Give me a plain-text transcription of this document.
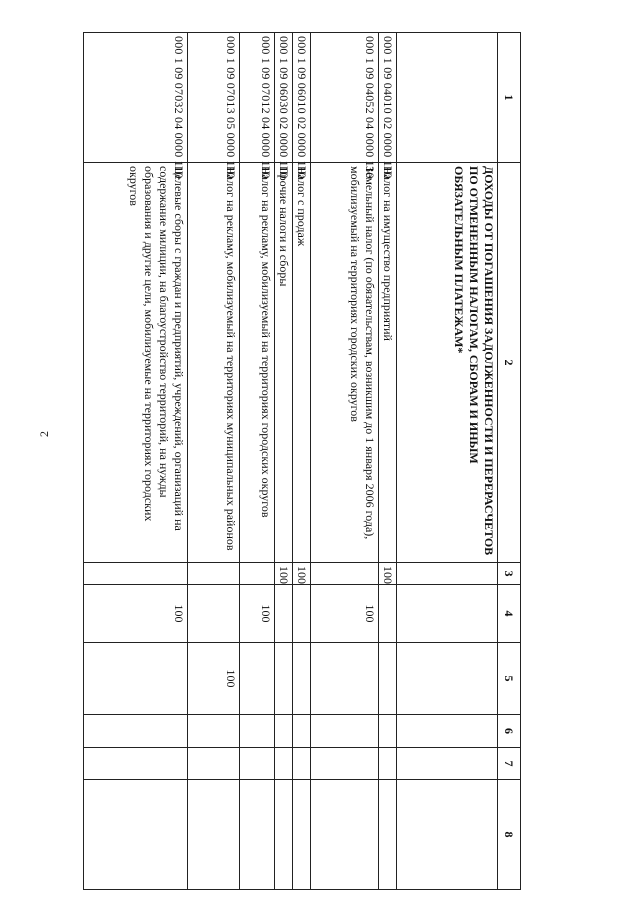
2
1	2	3	4	5	6	7	8
	ДОХОДЫ ОТ ПОГАШЕНИЯ ЗАДОЛЖЕННОСТИ И ПЕРЕРАСЧЕТОВ ПО ОТМЕНЕННЫМ НАЛОГАМ, СБОРАМ И ИНЫМ ОБЯЗАТЕЛЬНЫМ ПЛАТЕЖАМ*						
000 1 09 04010 02 0000 110	Налог на имущество предприятий	100					
000 1 09 04052 04 0000 110	Земельный налог (по обязательствам, возникшим до 1 января 2006 года), мобилизуемый на территориях городских округов		100				
000 1 09 06010 02 0000 110	Налог с продаж	100					
000 1 09 06030 02 0000 110	Прочие налоги и сборы	100					
000 1 09 07012 04 0000 110	Налог на рекламу, мобилизуемый на территориях городских округов		100				
000 1 09 07013 05 0000 110	Налог на рекламу, мобилизуемый на территориях муниципальных районов			100			
000 1 09 07032 04 0000 110	Целевые сборы с граждан и предприятий, учреждений, организаций на содержание милиции, на благоустройство территорий, на нужды образования и другие цели, мобилизуемые на территориях городских округов		100				
